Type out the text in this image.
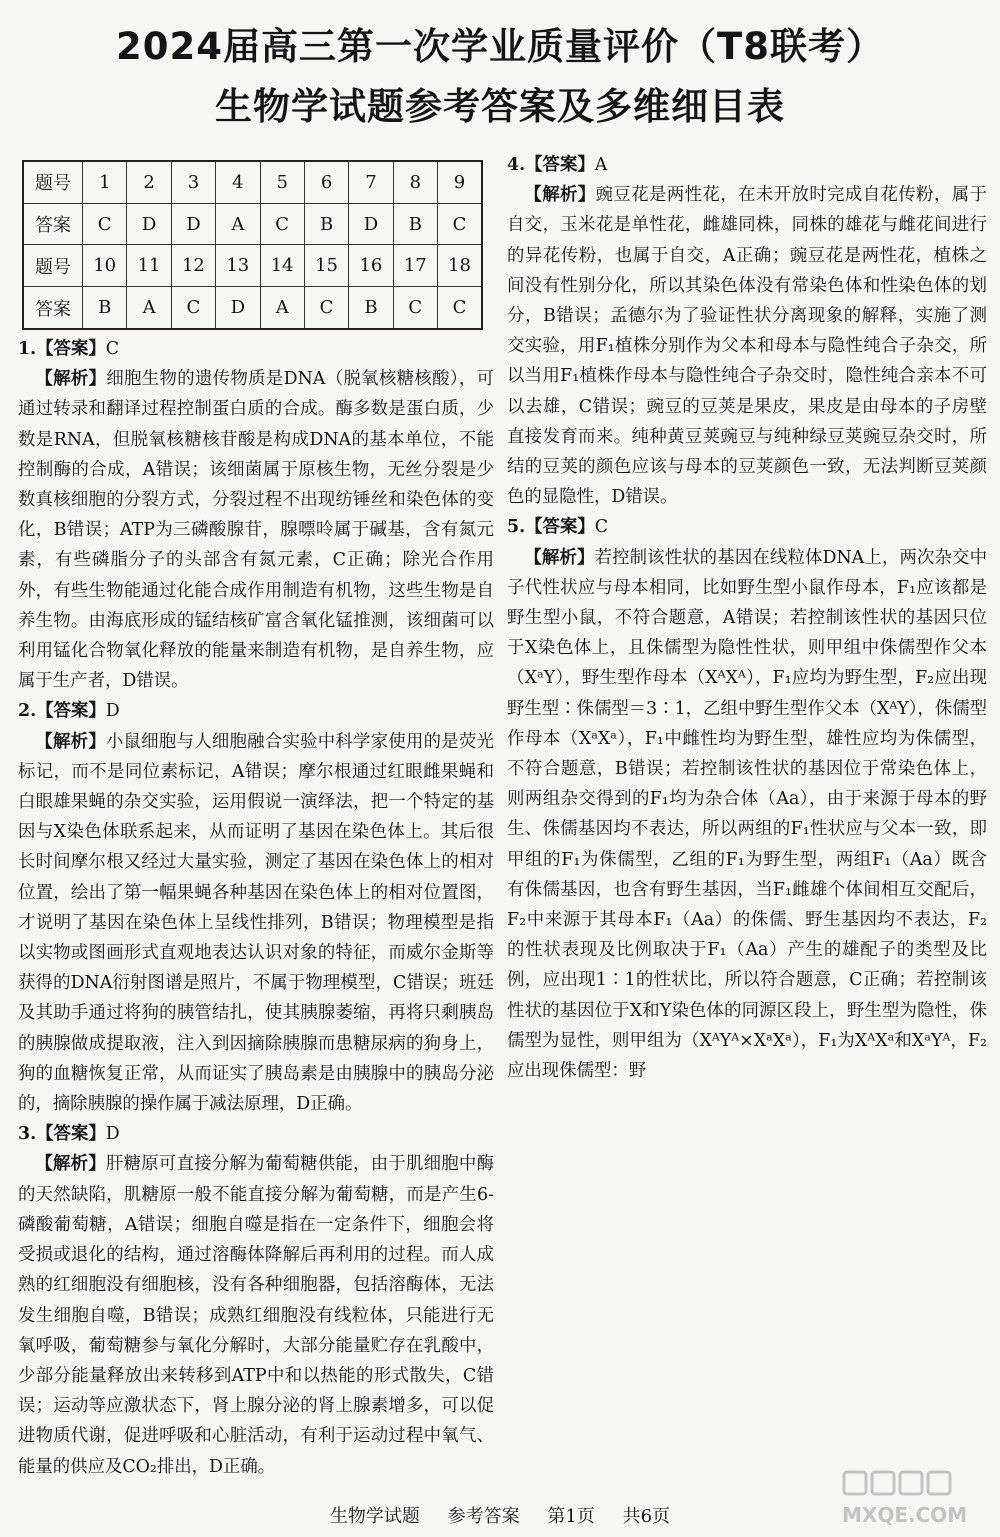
2024届高三第一次学业质量评价（T8联考）
生物学试题参考答案及多维细目表
题号	1	2	3	4	5	6	7	8	9
答案	C	D	D	A	C	B	D	B	C
题号	10	11	12	13	14	15	16	17	18
答案	B	A	C	D	A	C	B	C	C

1.【答案】C

【解析】细胞生物的遗传物质是DNA（脱氧核糖核酸），可通过转录和翻译过程控制蛋白质的合成。酶多数是蛋白质，少数是RNA，但脱氧核糖核苷酸是构成DNA的基本单位，不能控制酶的合成，A错误；该细菌属于原核生物，无丝分裂是少数真核细胞的分裂方式，分裂过程不出现纺锤丝和染色体的变化，B错误；ATP为三磷酸腺苷，腺嘌呤属于碱基，含有氮元素，有些磷脂分子的头部含有氮元素，C正确；除光合作用外，有些生物能通过化能合成作用制造有机物，这些生物是自养生物。由海底形成的锰结核矿富含氧化锰推测，该细菌可以利用锰化合物氧化释放的能量来制造有机物，是自养生物，应属于生产者，D错误。

2.【答案】D

【解析】小鼠细胞与人细胞融合实验中科学家使用的是荧光标记，而不是同位素标记，A错误；摩尔根通过红眼雌果蝇和白眼雄果蝇的杂交实验，运用假说一演绎法，把一个特定的基因与X染色体联系起来，从而证明了基因在染色体上。其后很长时间摩尔根又经过大量实验，测定了基因在染色体上的相对位置，绘出了第一幅果蝇各种基因在染色体上的相对位置图，才说明了基因在染色体上呈线性排列，B错误；物理模型是指以实物或图画形式直观地表达认识对象的特征，而威尔金斯等获得的DNA衍射图谱是照片，不属于物理模型，C错误；班廷及其助手通过将狗的胰管结扎，使其胰腺萎缩，再将只剩胰岛的胰腺做成提取液，注入到因摘除胰腺而患糖尿病的狗身上，狗的血糖恢复正常，从而证实了胰岛素是由胰腺中的胰岛分泌的，摘除胰腺的操作属于减法原理，D正确。

3.【答案】D

【解析】肝糖原可直接分解为葡萄糖供能，由于肌细胞中酶的天然缺陷，肌糖原一般不能直接分解为葡萄糖，而是产生6-磷酸葡萄糖，A错误；细胞自噬是指在一定条件下，细胞会将受损或退化的结构，通过溶酶体降解后再利用的过程。而人成熟的红细胞没有细胞核，没有各种细胞器，包括溶酶体，无法发生细胞自噬，B错误；成熟红细胞没有线粒体，只能进行无氧呼吸，葡萄糖参与氧化分解时，大部分能量贮存在乳酸中，少部分能量释放出来转移到ATP中和以热能的形式散失，C错误；运动等应激状态下，肾上腺分泌的肾上腺素增多，可以促进物质代谢，促进呼吸和心脏活动，有利于运动过程中氧气、能量的供应及CO₂排出，D正确。

4.【答案】A

【解析】豌豆花是两性花，在未开放时完成自花传粉，属于自交，玉米花是单性花，雌雄同株，同株的雄花与雌花间进行的异花传粉，也属于自交，A正确；豌豆花是两性花，植株之间没有性别分化，所以其染色体没有常染色体和性染色体的划分，B错误；孟德尔为了验证性状分离现象的解释，实施了测交实验，用F₁植株分别作为父本和母本与隐性纯合子杂交，所以当用F₁植株作母本与隐性纯合子杂交时，隐性纯合亲本不可以去雄，C错误；豌豆的豆荚是果皮，果皮是由母本的子房壁直接发育而来。纯种黄豆荚豌豆与纯种绿豆荚豌豆杂交时，所结的豆荚的颜色应该与母本的豆荚颜色一致，无法判断豆荚颜色的显隐性，D错误。

5.【答案】C

【解析】若控制该性状的基因在线粒体DNA上，两次杂交中子代性状应与母本相同，比如野生型小鼠作母本，F₁应该都是野生型小鼠，不符合题意，A错误；若控制该性状的基因只位于X染色体上，且侏儒型为隐性性状，则甲组中侏儒型作父本（XᵃY），野生型作母本（XᴬXᴬ），F₁应均为野生型，F₂应出现野生型∶侏儒型＝3∶1，乙组中野生型作父本（XᴬY），侏儒型作母本（XᵃXᵃ），F₁中雌性均为野生型，雄性应均为侏儒型，不符合题意，B错误；若控制该性状的基因位于常染色体上，则两组杂交得到的F₁均为杂合体（Aa），由于来源于母本的野生、侏儒基因均不表达，所以两组的F₁性状应与父本一致，即甲组的F₁为侏儒型，乙组的F₁为野生型，两组F₁（Aa）既含有侏儒基因，也含有野生基因，当F₁雌雄个体间相互交配后，F₂中来源于其母本F₁（Aa）的侏儒、野生基因均不表达，F₂的性状表现及比例取决于F₁（Aa）产生的雄配子的类型及比例，应出现1∶1的性状比，所以符合题意，C正确；若控制该性状的基因位于X和Y染色体的同源区段上，野生型为隐性，侏儒型为显性，则甲组为（XᴬYᴬ×XᵃXᵃ），F₁为XᴬXᵃ和XᵃYᴬ，F₂应出现侏儒型：野

生物学试题 参考答案 第1页 共6页	MXQE.COM
